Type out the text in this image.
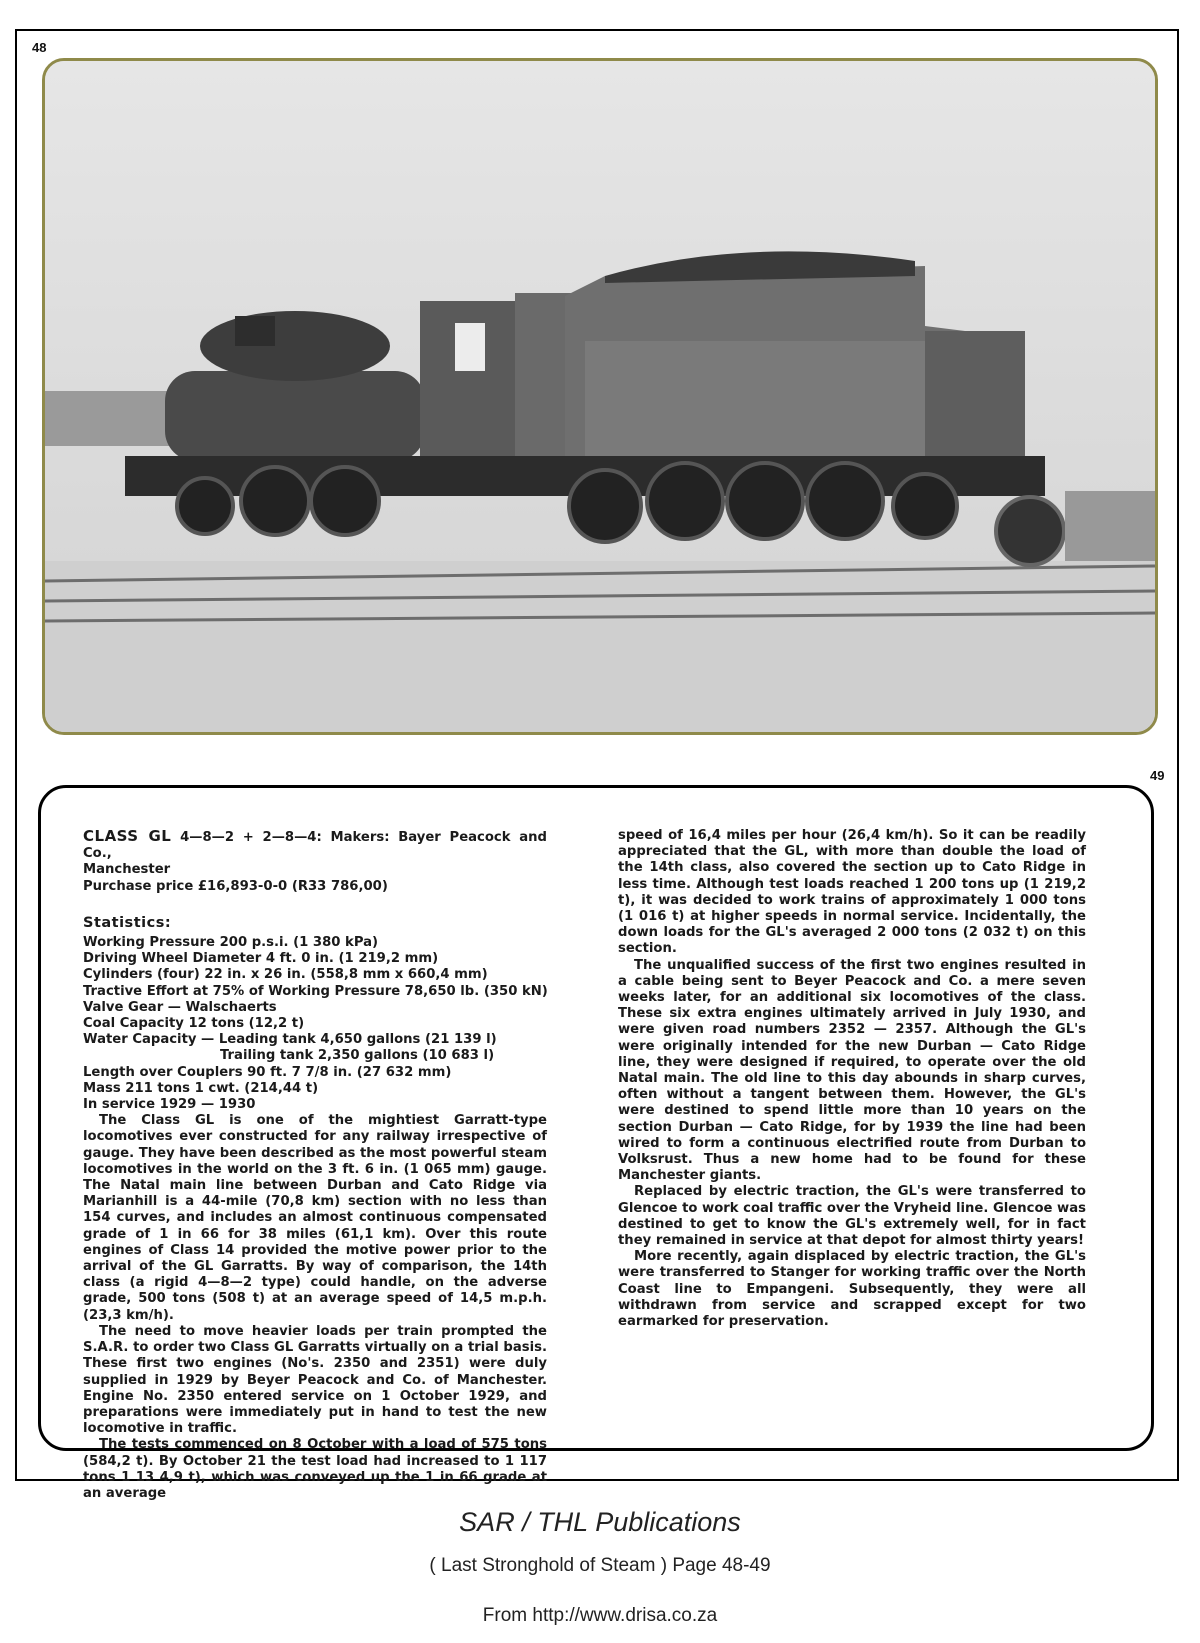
48
49

CLASS GL 4—8—2 + 2—8—4: Makers: Bayer Peacock and Co.,

Manchester

Purchase price £16,893-0-0 (R33 786,00)

Statistics:
Working Pressure 200 p.s.i. (1 380 kPa)
Driving Wheel Diameter 4 ft. 0 in. (1 219,2 mm)
Cylinders (four) 22 in. x 26 in. (558,8 mm x 660,4 mm)
Tractive Effort at 75% of Working Pressure 78,650 lb. (350 kN)
Valve Gear — Walschaerts
Coal Capacity 12 tons (12,2 t)
Water Capacity — Leading tank 4,650 gallons (21 139 l)
Trailing tank 2,350 gallons (10 683 l)
Length over Couplers 90 ft. 7 7/8 in. (27 632 mm)
Mass 211 tons 1 cwt. (214,44 t)
In service 1929 — 1930

The Class GL is one of the mightiest Garratt-type locomotives ever constructed for any railway irrespective of gauge. They have been described as the most powerful steam locomotives in the world on the 3 ft. 6 in. (1 065 mm) gauge. The Natal main line between Durban and Cato Ridge via Marianhill is a 44-mile (70,8 km) section with no less than 154 curves, and includes an almost continuous compensated grade of 1 in 66 for 38 miles (61,1 km). Over this route engines of Class 14 provided the motive power prior to the arrival of the GL Garratts. By way of comparison, the 14th class (a rigid 4—8—2 type) could handle, on the adverse grade, 500 tons (508 t) at an average speed of 14,5 m.p.h. (23,3 km/h).

The need to move heavier loads per train prompted the S.A.R. to order two Class GL Garratts virtually on a trial basis. These first two engines (No's. 2350 and 2351) were duly supplied in 1929 by Beyer Peacock and Co. of Manchester. Engine No. 2350 entered service on 1 October 1929, and preparations were immediately put in hand to test the new locomotive in traffic.

The tests commenced on 8 October with a load of 575 tons (584,2 t). By October 21 the test load had increased to 1 117 tons 1 13 4,9 t), which was conveyed up the 1 in 66 grade at an average

speed of 16,4 miles per hour (26,4 km/h). So it can be readily appreciated that the GL, with more than double the load of the 14th class, also covered the section up to Cato Ridge in less time. Although test loads reached 1 200 tons up (1 219,2 t), it was decided to work trains of approximately 1 000 tons (1 016 t) at higher speeds in normal service. Incidentally, the down loads for the GL's averaged 2 000 tons (2 032 t) on this section.

The unqualified success of the first two engines resulted in a cable being sent to Beyer Peacock and Co. a mere seven weeks later, for an additional six locomotives of the class. These six extra engines ultimately arrived in July 1930, and were given road numbers 2352 — 2357. Although the GL's were originally intended for the new Durban — Cato Ridge line, they were designed if required, to operate over the old Natal main. The old line to this day abounds in sharp curves, often without a tangent between them. However, the GL's were destined to spend little more than 10 years on the section Durban — Cato Ridge, for by 1939 the line had been wired to form a continuous electrified route from Durban to Volksrust. Thus a new home had to be found for these Manchester giants.

Replaced by electric traction, the GL's were transferred to Glencoe to work coal traffic over the Vryheid line. Glencoe was destined to get to know the GL's extremely well, for in fact they remained in service at that depot for almost thirty years!

More recently, again displaced by electric traction, the GL's were transferred to Stanger for working traffic over the North Coast line to Empangeni. Subsequently, they were all withdrawn from service and scrapped except for two earmarked for preservation.

SAR / THL Publications
( Last Stronghold of Steam ) Page 48-49
From http://www.drisa.co.za
